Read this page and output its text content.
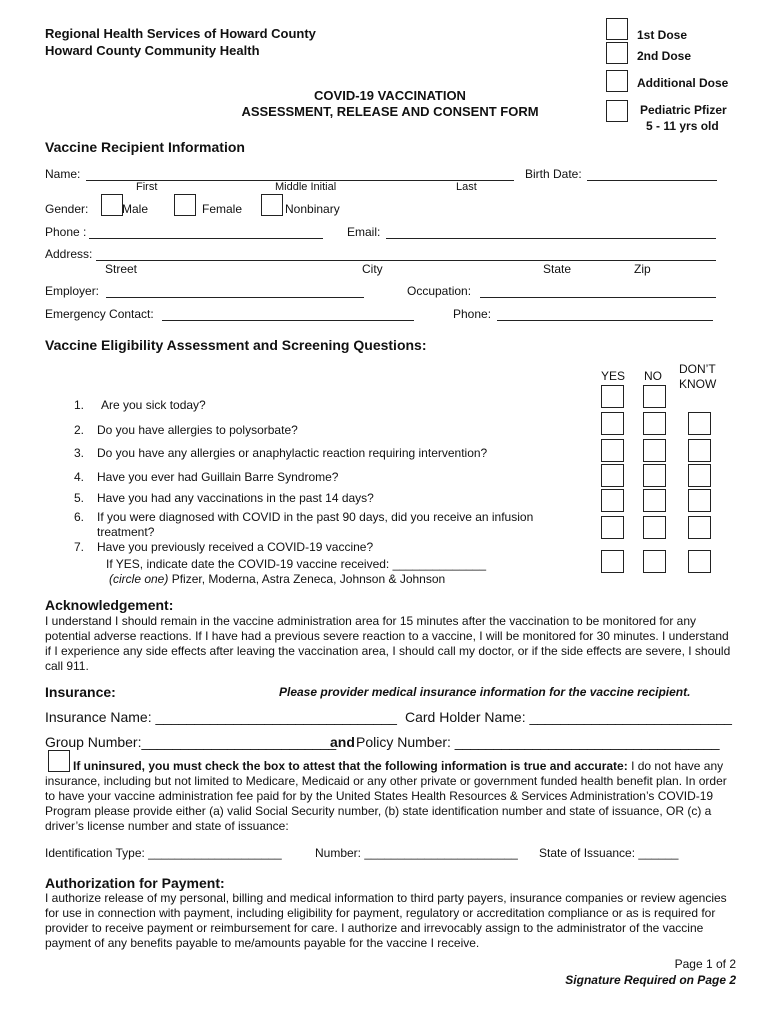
Regional Health Services of Howard County
Howard County Community Health
COVID-19 VACCINATION
ASSESSMENT, RELEASE AND CONSENT FORM
1st Dose
2nd Dose
Additional Dose
Pediatric Pfizer
5 - 11 yrs old
Vaccine Recipient Information
Name:
First	Middle Initial	Last
Birth Date:
Gender:	Male	Female	Nonbinary
Phone :	Email:
Address:
Street	City	State	Zip
Employer:	Occupation:
Emergency Contact:	Phone:
Vaccine Eligibility Assessment and Screening Questions:
YES NO DON’T
KNOW
1. Are you sick today?
2. Do you have allergies to polysorbate?
3. Do you have any allergies or anaphylactic reaction requiring intervention?
4. Have you ever had Guillain Barre Syndrome?
5. Have you had any vaccinations in the past 14 days?
6. If you were diagnosed with COVID in the past 90 days, did you receive an infusion
treatment?
7. Have you previously received a COVID-19 vaccine?
If YES, indicate date the COVID-19 vaccine received: ______________
(circle one) Pfizer, Moderna, Astra Zeneca, Johnson & Johnson
Acknowledgement:
I understand I should remain in the vaccine administration area for 15 minutes after the vaccination to be monitored for any potential adverse reactions. If I have had a previous severe reaction to a vaccine, I will be monitored for 30 minutes. I understand if I experience any side effects after leaving the vaccination area, I should call my doctor, or if the side effects are severe, I should call 911.
Insurance:	Please provider medical insurance information for the vaccine recipient.
Insurance Name: _______________________________ Card Holder Name: __________________________
Group Number:_________________________
and Policy Number: __________________________________
If uninsured, you must check the box to attest that the following information is true and accurate: I do not have any insurance, including but not limited to Medicare, Medicaid or any other private or government funded health benefit plan. In order to have your vaccine administration fee paid for by the United States Health Resources & Services Administration’s COVID-19 Program please provide either (a) valid Social Security number, (b) state identification number and state of issuance, OR (c) a driver’s license number and state of issuance:
Identification Type: ____________________	Number: _______________________ State of Issuance: ______
Authorization for Payment:
I authorize release of my personal, billing and medical information to third party payers, insurance companies or review agencies for use in connection with payment, including eligibility for payment, regulatory or accreditation compliance or as is required for provider to receive payment or reimbursement for care. I authorize and irrevocably assign to the administrator of the vaccine payment of any benefits payable to me/amounts payable for the vaccine I receive.
Page 1 of 2
Signature Required on Page 2
